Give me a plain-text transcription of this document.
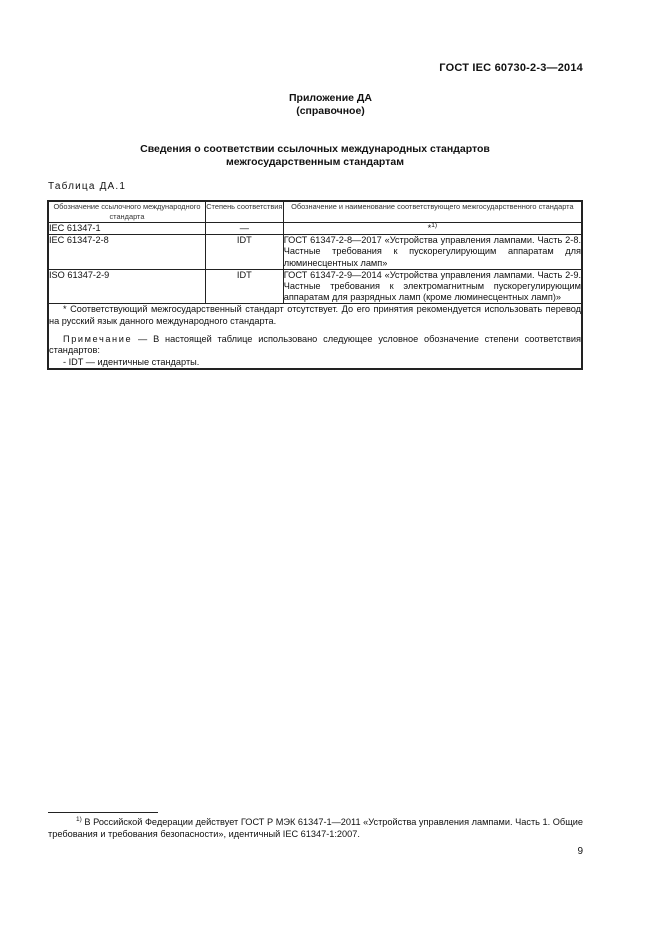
ГОСТ IEC 60730-2-3—2014
Приложение ДА
(справочное)
Сведения о соответствии ссылочных международных стандартов
межгосударственным стандартам
Таблица ДА.1
Обозначение ссылочного международного стандарта	Степень соответствия	Обозначение и наименование соответствующего межгосударственного стандарта
IEC 61347-1	—	*$^{1)}$
IEC 61347-2-8	IDT	ГОСТ 61347-2-8—2017 «Устройства управления лампами. Часть 2-8. Частные требования к пускорегулирующим аппаратам для люминесцентных ламп»
ISO 61347-2-9	IDT	ГОСТ 61347-2-9—2014 «Устройства управления лампами. Часть 2-9. Частные требования к электромагнитным пускорегулирующим аппаратам для разрядных ламп (кроме люминесцентных ламп)»

* Соответствующий межгосударственный стандарт отсутствует. До его принятия рекомендуется использовать перевод на русский язык данного международного стандарта.

Примечание — В настоящей таблице использовано следующее условное обозначение степени соответствия стандартов:

- IDT — идентичные стандарты.		

$^{1)}$ В Российской Федерации действует ГОСТ Р МЭК 61347-1—2011 «Устройства управления лампами. Часть 1. Общие требования и требования безопасности», идентичный IEC 61347-1:2007.
9
